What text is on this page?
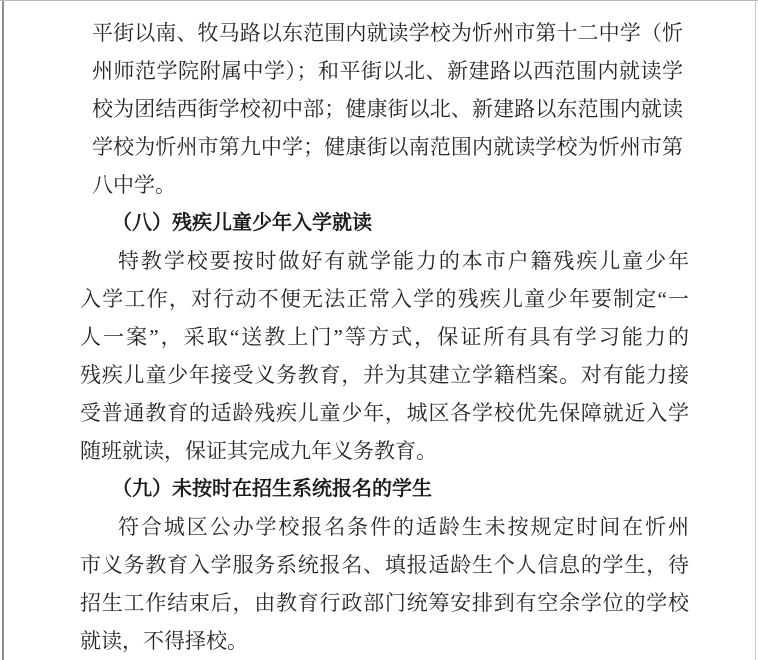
平街以南、牧马路以东范围内就读学校为忻州市第十二中学（忻
州师范学院附属中学）；和平街以北、新建路以西范围内就读学
校为团结西街学校初中部；健康街以北、新建路以东范围内就读
学校为忻州市第九中学；健康街以南范围内就读学校为忻州市第
八中学。
（八）残疾儿童少年入学就读
特教学校要按时做好有就学能力的本市户籍残疾儿童少年
入学工作，对行动不便无法正常入学的残疾儿童少年要制定“一
人一案”，采取“送教上门”等方式，保证所有具有学习能力的
残疾儿童少年接受义务教育，并为其建立学籍档案。对有能力接
受普通教育的适龄残疾儿童少年，城区各学校优先保障就近入学
随班就读，保证其完成九年义务教育。
（九）未按时在招生系统报名的学生
符合城区公办学校报名条件的适龄生未按规定时间在忻州
市义务教育入学服务系统报名、填报适龄生个人信息的学生，待
招生工作结束后，由教育行政部门统筹安排到有空余学位的学校
就读，不得择校。
